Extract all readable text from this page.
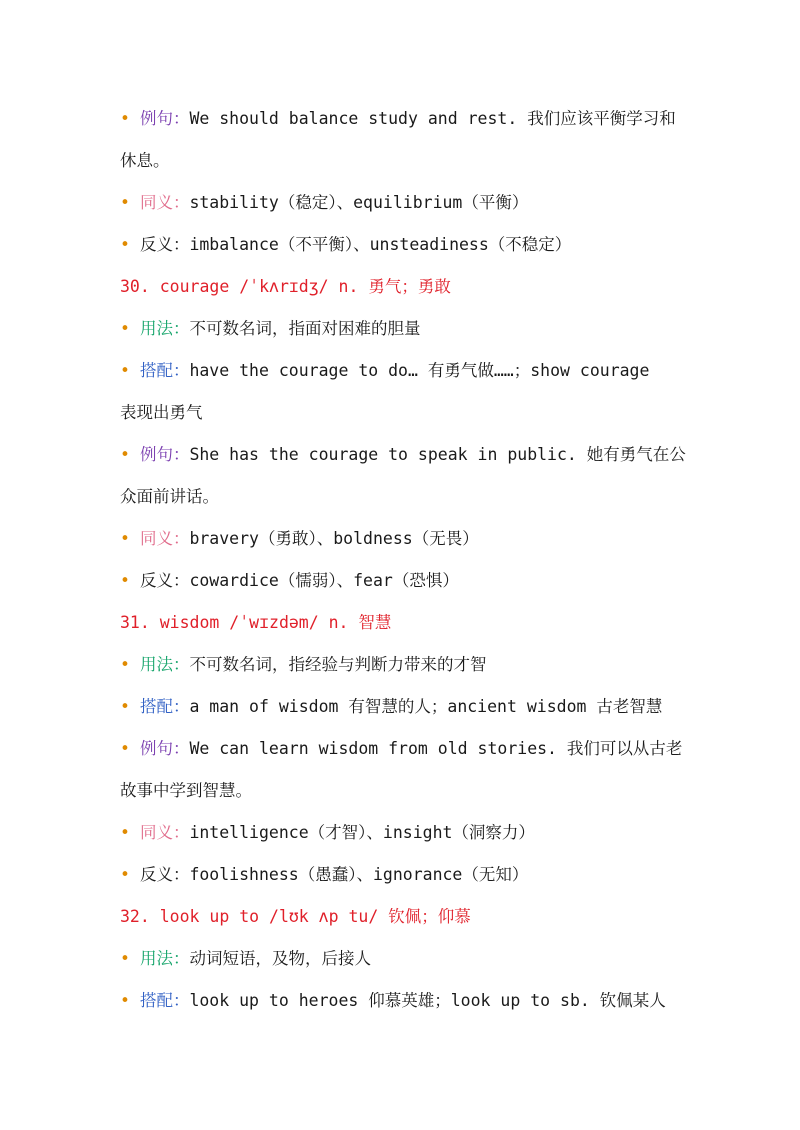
• 例句：We should balance study and rest. 我们应该平衡学习和
休息。
• 同义：stability（稳定）、equilibrium（平衡）
• 反义：imbalance（不平衡）、unsteadiness（不稳定）
30. courage /ˈkʌrɪdʒ/ n. 勇气；勇敢
• 用法：不可数名词，指面对困难的胆量
• 搭配：have the courage to do… 有勇气做……；show courage
表现出勇气
• 例句：She has the courage to speak in public. 她有勇气在公
众面前讲话。
• 同义：bravery（勇敢）、boldness（无畏）
• 反义：cowardice（懦弱）、fear（恐惧）
31. wisdom /ˈwɪzdəm/ n. 智慧
• 用法：不可数名词，指经验与判断力带来的才智
• 搭配：a man of wisdom 有智慧的人；ancient wisdom 古老智慧
• 例句：We can learn wisdom from old stories. 我们可以从古老
故事中学到智慧。
• 同义：intelligence（才智）、insight（洞察力）
• 反义：foolishness（愚蠢）、ignorance（无知）
32. look up to /lʊk ʌp tu/ 钦佩；仰慕
• 用法：动词短语，及物，后接人
• 搭配：look up to heroes 仰慕英雄；look up to sb. 钦佩某人
